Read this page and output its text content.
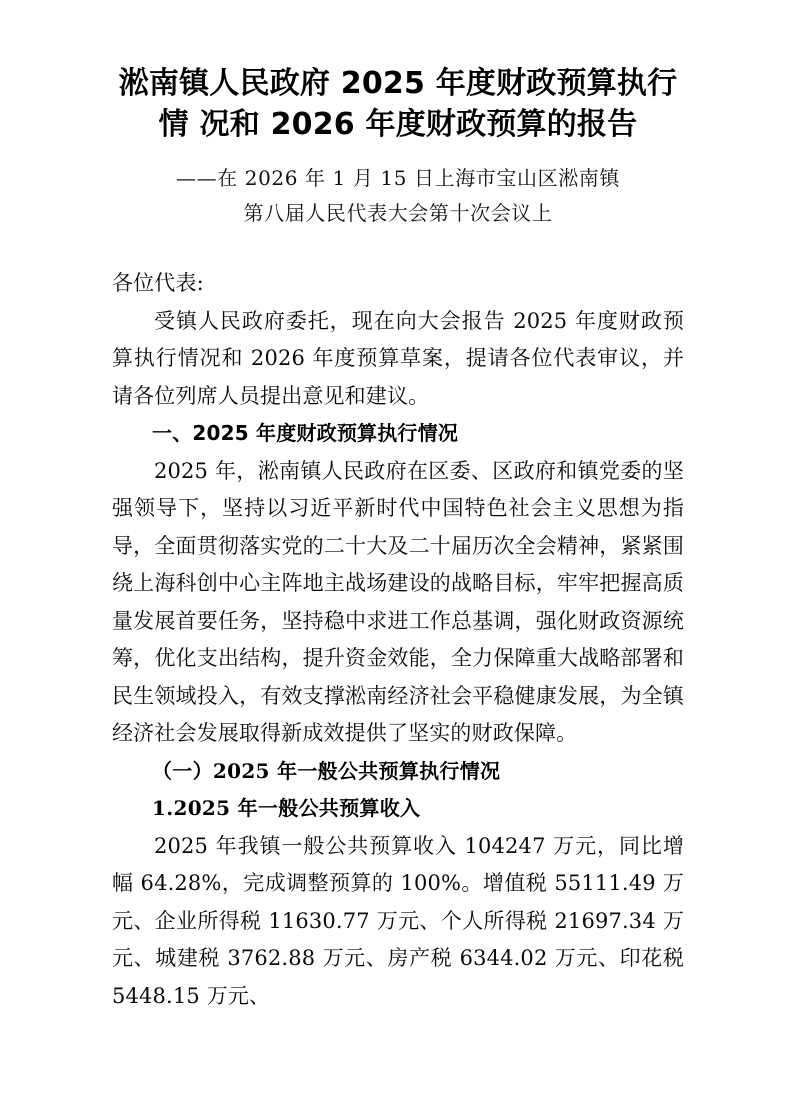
淞南镇人民政府 2025 年度财政预算执行情 况和 2026 年度财政预算的报告
——在 2026 年 1 月 15 日上海市宝山区淞南镇
第八届人民代表大会第十次会议上

各位代表:

受镇人民政府委托，现在向大会报告 2025 年度财政预算执行情况和 2026 年度预算草案，提请各位代表审议，并请各位列席人员提出意见和建议。

一、2025 年度财政预算执行情况

2025 年，淞南镇人民政府在区委、区政府和镇党委的坚强领导下，坚持以习近平新时代中国特色社会主义思想为指导，全面贯彻落实党的二十大及二十届历次全会精神，紧紧围绕上海科创中心主阵地主战场建设的战略目标，牢牢把握高质量发展首要任务，坚持稳中求进工作总基调，强化财政资源统筹，优化支出结构，提升资金效能，全力保障重大战略部署和民生领域投入，有效支撑淞南经济社会平稳健康发展，为全镇经济社会发展取得新成效提供了坚实的财政保障。

（一）2025 年一般公共预算执行情况
1.2025 年一般公共预算收入

2025 年我镇一般公共预算收入 104247 万元，同比增幅 64.28%，完成调整预算的 100%。增值税 55111.49 万元、企业所得税 11630.77 万元、个人所得税 21697.34 万元、城建税 3762.88 万元、房产税 6344.02 万元、印花税 5448.15 万元、
